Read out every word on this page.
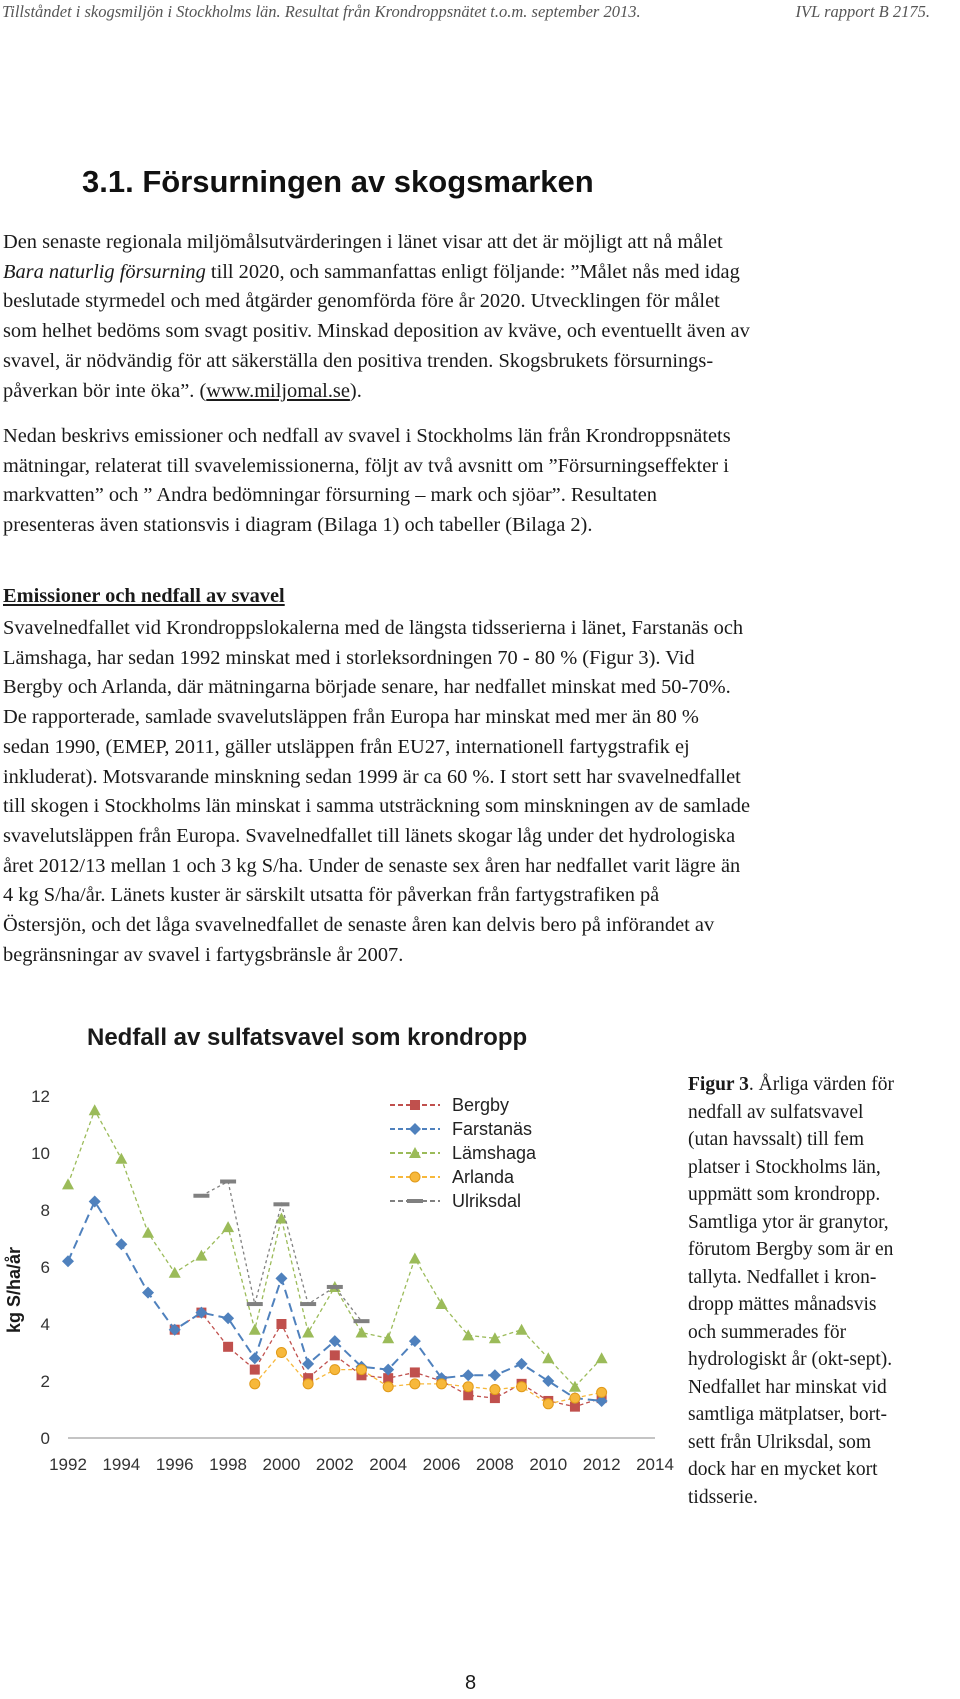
Tillståndet i skogsmiljön i Stockholms län. Resultat från Krondroppsnätet t.o.m. september 2013.	IVL rapport B 2175.
3.1. Försurningen av skogsmarken
Den senaste regionala miljömålsutvärderingen i länet visar att det är möjligt att nå målet
Bara naturlig försurning till 2020, och sammanfattas enligt följande: ”Målet nås med idag
beslutade styrmedel och med åtgärder genomförda före år 2020. Utvecklingen för målet
som helhet bedöms som svagt positiv. Minskad deposition av kväve, och eventuellt även av
svavel, är nödvändig för att säkerställa den positiva trenden. Skogsbrukets försurnings-
påverkan bör inte öka”. (www.miljomal.se).
Nedan beskrivs emissioner och nedfall av svavel i Stockholms län från Krondroppsnätets
mätningar, relaterat till svavelemissionerna, följt av två avsnitt om ”Försurningseffekter i
markvatten” och ” Andra bedömningar försurning – mark och sjöar”. Resultaten
presenteras även stationsvis i diagram (Bilaga 1) och tabeller (Bilaga 2).
Emissioner och nedfall av svavel
Svavelnedfallet vid Krondroppslokalerna med de längsta tidsserierna i länet, Farstanäs och
Lämshaga, har sedan 1992 minskat med i storleksordningen 70 - 80 % (Figur 3). Vid
Bergby och Arlanda, där mätningarna började senare, har nedfallet minskat med 50-70%.
De rapporterade, samlade svavelutsläppen från Europa har minskat med mer än 80 %
sedan 1990, (EMEP, 2011, gäller utsläppen från EU27, internationell fartygstrafik ej
inkluderat). Motsvarande minskning sedan 1999 är ca 60 %. I stort sett har svavelnedfallet
till skogen i Stockholms län minskat i samma utsträckning som minskningen av de samlade
svavelutsläppen från Europa. Svavelnedfallet till länets skogar låg under det hydrologiska
året 2012/13 mellan 1 och 3 kg S/ha. Under de senaste sex åren har nedfallet varit lägre än
4 kg S/ha/år. Länets kuster är särskilt utsatta för påverkan från fartygstrafiken på
Östersjön, och det låga svavelnedfallet de senaste åren kan delvis bero på införandet av
begränsningar av svavel i fartygsbränsle år 2007.
Nedfall av sulfatsvavel som krondropp
kg S/ha/år
1992 1994 1996 1998 2000 2002 2004 2006 2008 2010 2012 2014
0
2
4
6
8
10
12	Bergby
Farstanäs
Lämshaga
Arlanda
Ulriksdal
Figur 3. Årliga värden för
nedfall av sulfatsvavel
(utan havssalt) till fem
platser i Stockholms län,
uppmätt som krondropp.
Samtliga ytor är granytor,
förutom Bergby som är en
tallyta. Nedfallet i kron-
dropp mättes månadsvis
och summerades för
hydrologiskt år (okt-sept).
Nedfallet har minskat vid
samtliga mätplatser, bort-
sett från Ulriksdal, som
dock har en mycket kort
tidsserie.
8
